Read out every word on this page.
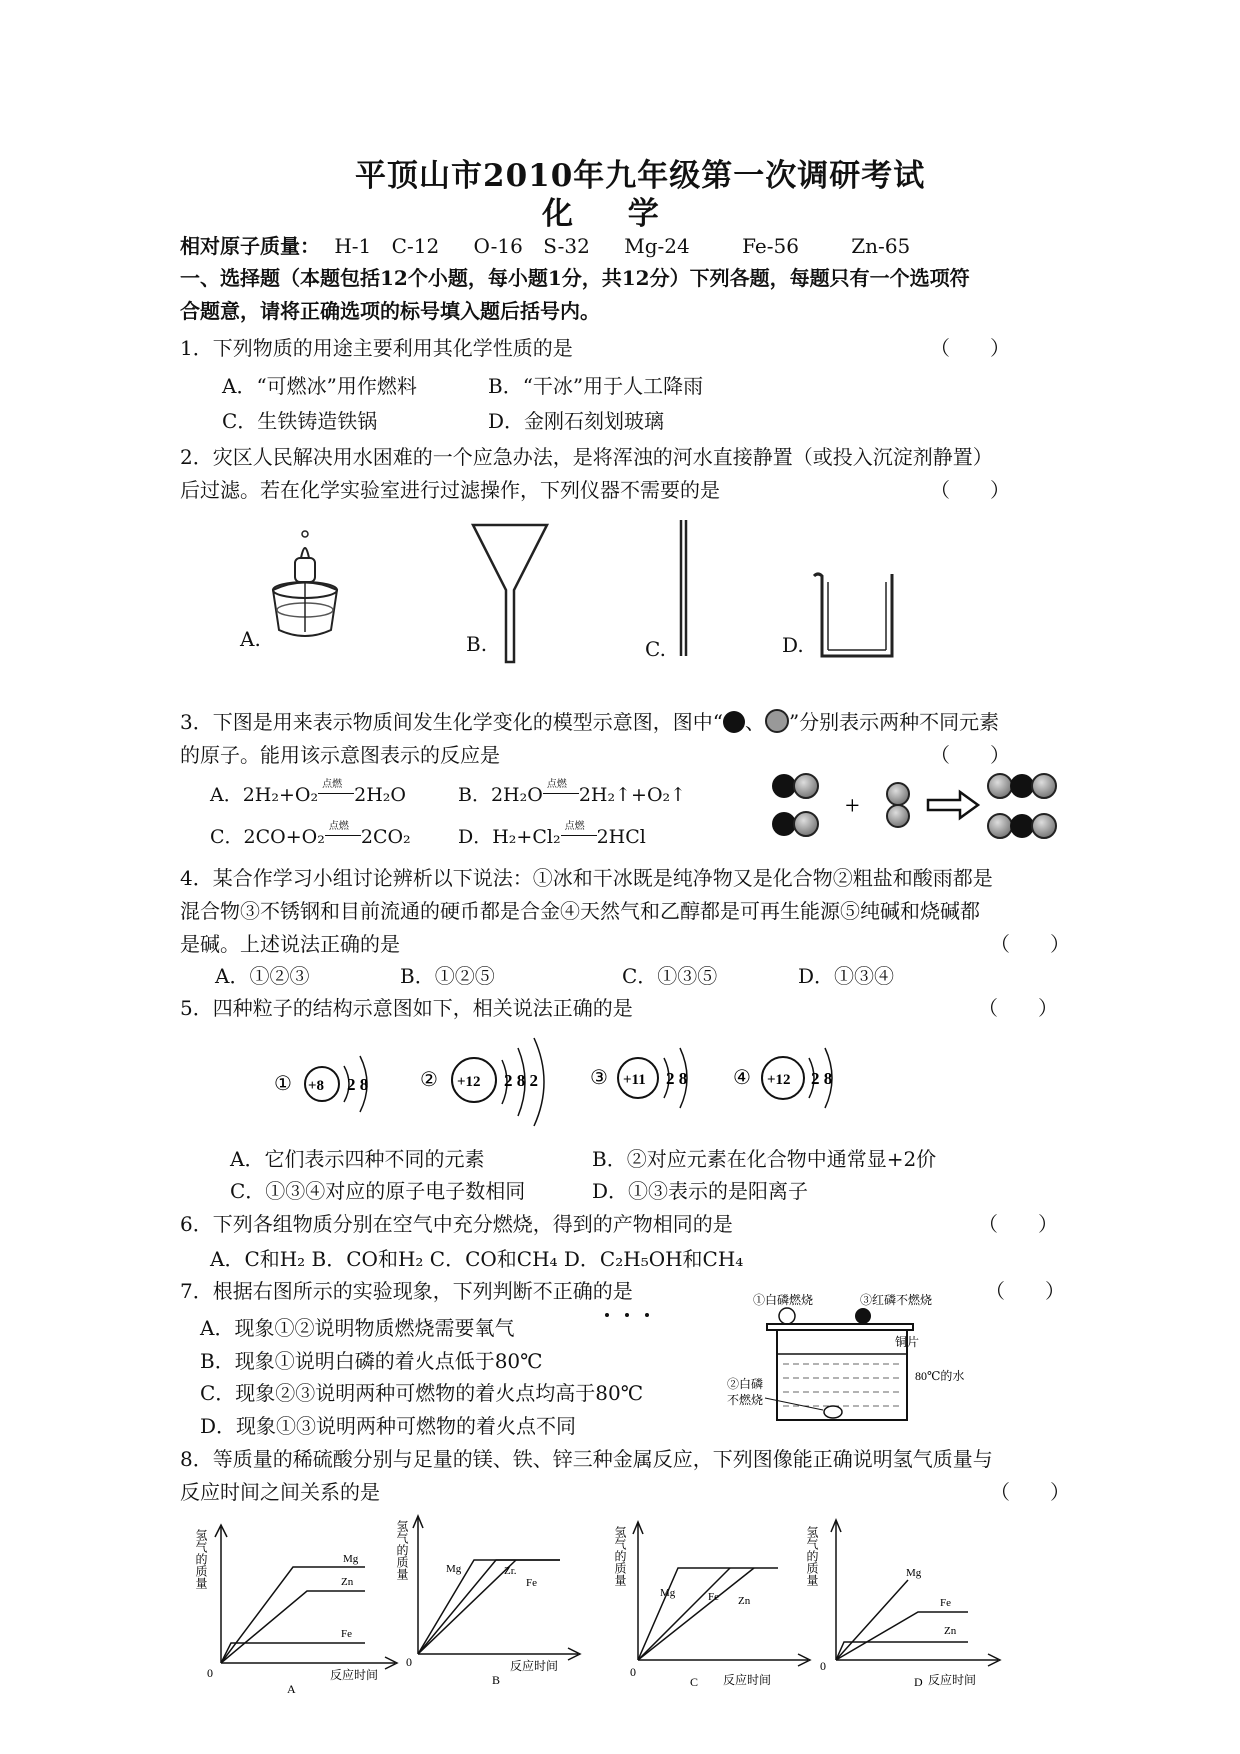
平顶山市2010年九年级第一次调研考试
化 学
相对原子质量： H-1 C-12 O-16 S-32 Mg-24	Fe-56	Zn-65
一、选择题（本题包括12个小题，每小题1分，共12分）下列各题，每题只有一个选项符
合题意，请将正确选项的标号填入题后括号内。
1．下列物质的用途主要利用其化学性质的是	（　　）
A．“可燃冰”用作燃料	B．“干冰”用于人工降雨
C．生铁铸造铁锅	D．金刚石刻划玻璃
2．灾区人民解决用水困难的一个应急办法，是将浑浊的河水直接静置（或投入沉淀剂静置）
后过滤。若在化学实验室进行过滤操作，下列仪器不需要的是	（　　）
A.	B.	C.	D.
3．下图是用来表示物质间发生化学变化的模型示意图，图中“ 、 ”分别表示两种不同元素
的原子。能用该示意图表示的反应是	（　　）
A．2H₂+O₂ 点燃 2H₂O	B．2H₂O 点燃 2H₂↑+O₂↑
C．2CO+O₂ 点燃 2CO₂ D．H₂+Cl₂ 点燃 2HCl
+
4．某合作学习小组讨论辨析以下说法：①冰和干冰既是纯净物又是化合物②粗盐和酸雨都是
混合物③不锈钢和目前流通的硬币都是合金④天然气和乙醇都是可再生能源⑤纯碱和烧碱都
是碱。上述说法正确的是	（　　）
A．①②③	B．①②⑤	C．①③⑤	D．①③④
5．四种粒子的结构示意图如下，相关说法正确的是	（　　）
① +8 2 8	② +12 2 8 2	③ +11 2 8 ④ +12 2 8
A．它们表示四种不同的元素	B．②对应元素在化合物中通常显+2价
C．①③④对应的原子电子数相同	D．①③表示的是阳离子
6．下列各组物质分别在空气中充分燃烧，得到的产物相同的是	（　　）
A．C和H₂ B．CO和H₂ C．CO和CH₄ D．C₂H₅OH和CH₄
7．根据右图所示的实验现象，下列判断不正确的是	（　　）
A．现象①②说明物质燃烧需要氧气
B．现象①说明白磷的着火点低于80℃
C．现象②③说明两种可燃物的着火点均高于80℃
D．现象①③说明两种可燃物的着火点不同
①白磷燃烧	③红磷不燃烧
铜片
80℃的水
②白磷
不燃烧
8．等质量的稀硫酸分别与足量的镁、铁、锌三种金属反应，下列图像能正确说明氢气质量与
反应时间之间关系的是	（　　）
氢气的质量
0	反应时间
Mg
Zn
Fe
A
氢气的质量
0	反应时间
Mg	Zr.
Fe
B
氢气的质量
0
反应时间
Mg	Fe Zn
C
氢气的质量
0
反应时间
Mg
Fe
Zn
D
